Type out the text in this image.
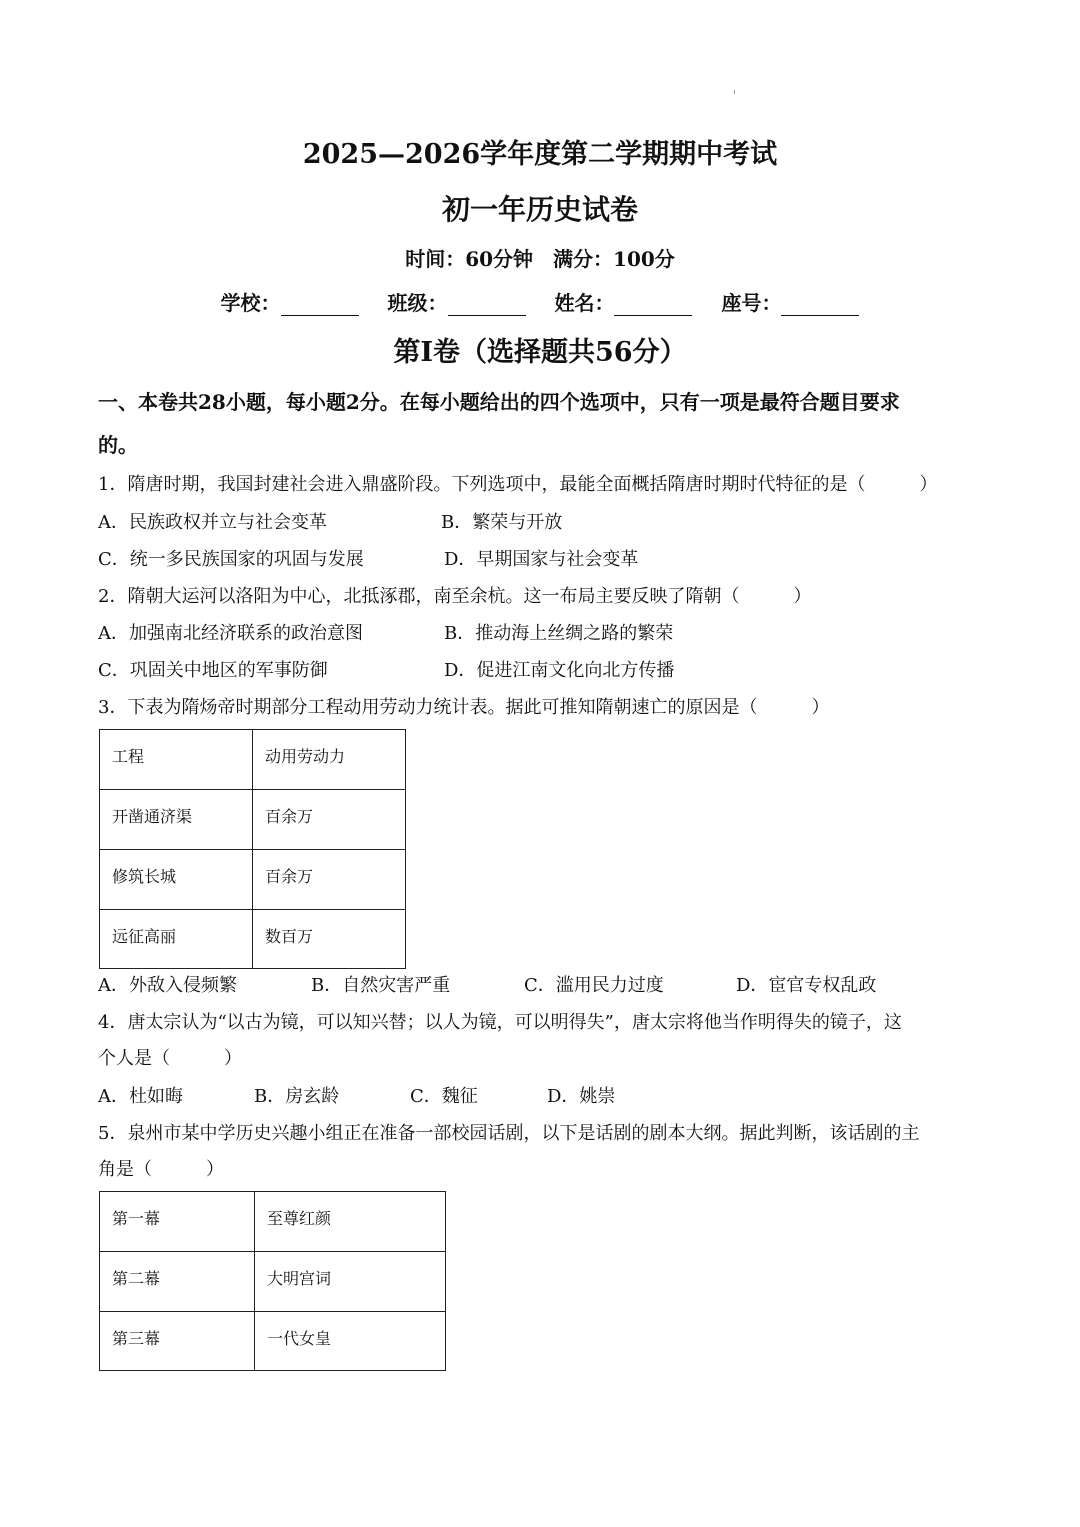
2025—2026学年度第二学期期中考试
初一年历史试卷
时间：60分钟　满分：100分
学校：	班级：	姓名：	座号：
第Ⅰ卷（选择题共56分）
一、本卷共28小题，每小题2分。在每小题给出的四个选项中，只有一项是最符合题目要求
的。
1．隋唐时期，我国封建社会进入鼎盛阶段。下列选项中，最能全面概括隋唐时期时代特征的是（　　　）
A．民族政权并立与社会变革	B．繁荣与开放
C．统一多民族国家的巩固与发展	D．早期国家与社会变革
2．隋朝大运河以洛阳为中心，北抵涿郡，南至余杭。这一布局主要反映了隋朝（　　　）
A．加强南北经济联系的政治意图	B．推动海上丝绸之路的繁荣
C．巩固关中地区的军事防御	D．促进江南文化向北方传播
3．下表为隋炀帝时期部分工程动用劳动力统计表。据此可推知隋朝速亡的原因是（　　　）
工程	动用劳动力
开凿通济渠	百余万
修筑长城	百余万
远征高丽	数百万
A．外敌入侵频繁	B．自然灾害严重	C．滥用民力过度	D．宦官专权乱政
4．唐太宗认为“以古为镜，可以知兴替；以人为镜，可以明得失”，唐太宗将他当作明得失的镜子，这
个人是（　　　）
A．杜如晦	B．房玄龄	C．魏征	D．姚崇
5．泉州市某中学历史兴趣小组正在准备一部校园话剧，以下是话剧的剧本大纲。据此判断，该话剧的主
角是（　　　）
第一幕	至尊红颜
第二幕	大明宫词
第三幕	一代女皇
